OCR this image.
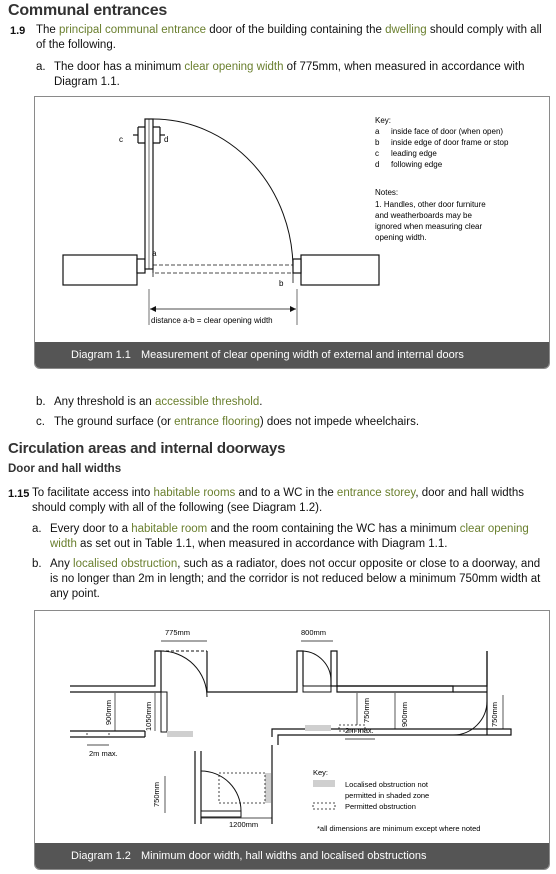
Communal entrances
1.9 The principal communal entrance door of the building containing the dwelling should comply with all of the following.
a. The door has a minimum clear opening width of 775mm, when measured in accordance with Diagram 1.1.
a
b
c	d
distance a-b = clear opening width
Key:
a inside face of door (when open)
b inside edge of door frame or stop
c leading edge
d following edge
Notes:
1. Handles, other door furniture
and weatherboards may be
ignored when measuring clear
opening width.
Diagram 1.1 Measurement of clear opening width of external and internal doors
b. Any threshold is an accessible threshold.
c. The ground surface (or entrance flooring) does not impede wheelchairs.
Circulation areas and internal doorways
Door and hall widths
1.15 To facilitate access into habitable rooms and to a WC in the entrance storey, door and hall widths should comply with all of the following (see Diagram 1.2).
a. Every door to a habitable room and the room containing the WC has a minimum clear opening width as set out in Table 1.1, when measured in accordance with Diagram 1.1.
b. Any localised obstruction, such as a radiator, does not occur opposite or close to a doorway, and is no longer than 2m in length; and the corridor is not reduced below a minimum 750mm width at any point.
775mm	800mm
900mm	1050mm
2m max.
750mm	900mm	750mm
2m max.
750mm
1200mm
Key:
Localised obstruction not
permitted in shaded zone
Permitted obstruction
*all dimensions are minimum except where noted
Diagram 1.2 Minimum door width, hall widths and localised obstructions
